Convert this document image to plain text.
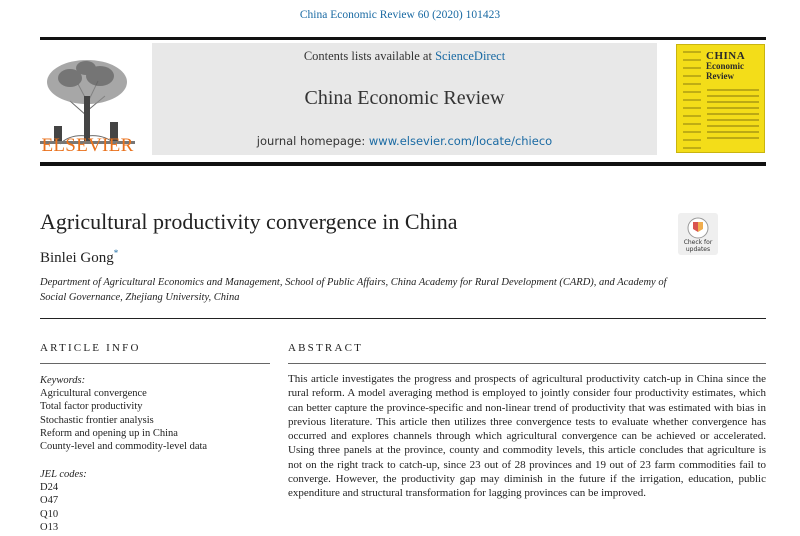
China Economic Review 60 (2020) 101423
ELSEVIER
Contents lists available at ScienceDirect
China Economic Review
journal homepage: www.elsevier.com/locate/chieco
CHINA
Economic
Review
Agricultural productivity convergence in China
Binlei Gong*
Department of Agricultural Economics and Management, School of Public Affairs, China Academy for Rural Development (CARD), and Academy of Social Governance, Zhejiang University, China
Check for
updates
ARTICLE INFO
Keywords:
Agricultural convergence
Total factor productivity
Stochastic frontier analysis
Reform and opening up in China
County-level and commodity-level data
JEL codes:
D24
O47
Q10
O13
ABSTRACT
This article investigates the progress and prospects of agricultural productivity catch-up in China since the rural reform. A model averaging method is employed to jointly consider four productivity estimates, which can better capture the province-specific and non-linear trend of productivity that was estimated with bias in previous literature. This article then utilizes three convergence tests to evaluate whether convergence has occurred and explores channels through which agricultural convergence can be achieved or accelerated. Using three panels at the province, county and commodity levels, this article concludes that agriculture is not on the right track to catch-up, since 23 out of 28 provinces and 19 out of 23 farm commodities fail to converge. However, the productivity gap may diminish in the future if the irrigation, education, public expenditure and structural transformation for lagging provinces can be improved.
